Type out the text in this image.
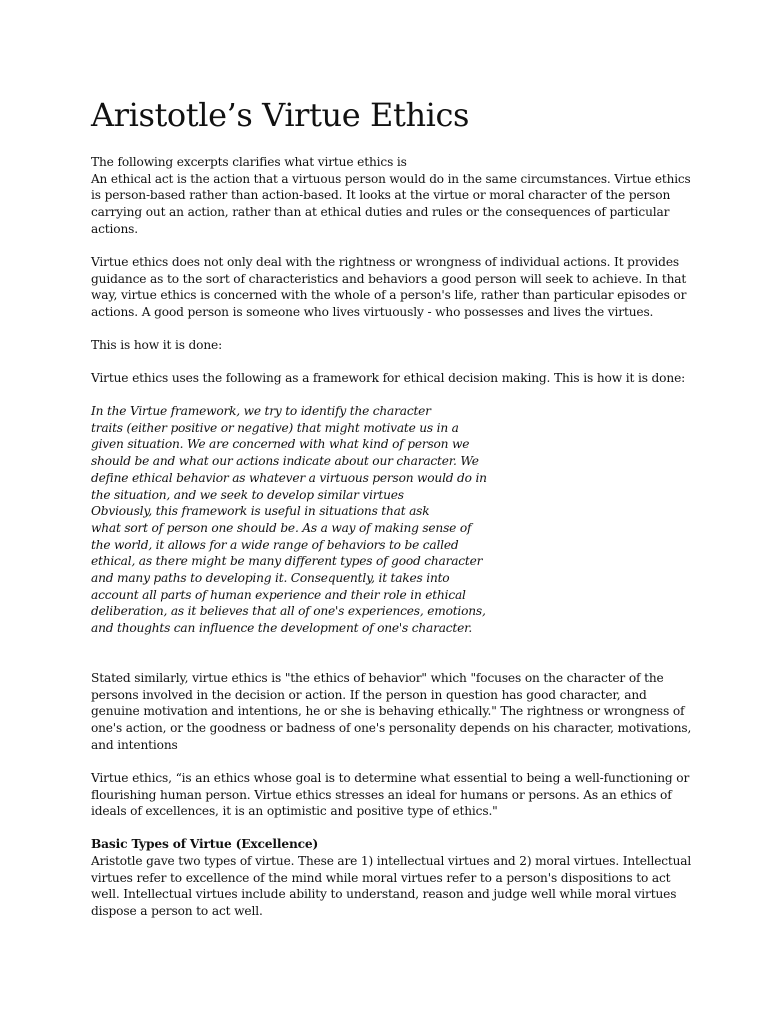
Aristotle’s Virtue Ethics
The following excerpts clarifies what virtue ethics is
An ethical act is the action that a virtuous person would do in the same circumstances. Virtue ethics
is person-based rather than action-based. It looks at the virtue or moral character of the person
carrying out an action, rather than at ethical duties and rules or the consequences of particular
actions.
Virtue ethics does not only deal with the rightness or wrongness of individual actions. It provides
guidance as to the sort of characteristics and behaviors a good person will seek to achieve. In that
way, virtue ethics is concerned with the whole of a person's life, rather than particular episodes or
actions. A good person is someone who lives virtuously - who possesses and lives the virtues.
This is how it is done:
Virtue ethics uses the following as a framework for ethical decision making. This is how it is done:
In the Virtue framework, we try to identify the character
traits (either positive or negative) that might motivate us in a
given situation. We are concerned with what kind of person we
should be and what our actions indicate about our character. We
define ethical behavior as whatever a virtuous person would do in
the situation, and we seek to develop similar virtues
Obviously, this framework is useful in situations that ask
what sort of person one should be. As a way of making sense of
the world, it allows for a wide range of behaviors to be called
ethical, as there might be many different types of good character
and many paths to developing it. Consequently, it takes into
account all parts of human experience and their role in ethical
deliberation, as it believes that all of one's experiences, emotions,
and thoughts can influence the development of one's character.
Stated similarly, virtue ethics is "the ethics of behavior" which "focuses on the character of the
persons involved in the decision or action. If the person in question has good character, and
genuine motivation and intentions, he or she is behaving ethically." The rightness or wrongness of
one's action, or the goodness or badness of one's personality depends on his character, motivations,
and intentions
Virtue ethics, “is an ethics whose goal is to determine what essential to being a well-functioning or
flourishing human person. Virtue ethics stresses an ideal for humans or persons. As an ethics of
ideals of excellences, it is an optimistic and positive type of ethics."
Basic Types of Virtue (Excellence)
Aristotle gave two types of virtue. These are 1) intellectual virtues and 2) moral virtues. Intellectual
virtues refer to excellence of the mind while moral virtues refer to a person's dispositions to act
well. Intellectual virtues include ability to understand, reason and judge well while moral virtues
dispose a person to act well.
